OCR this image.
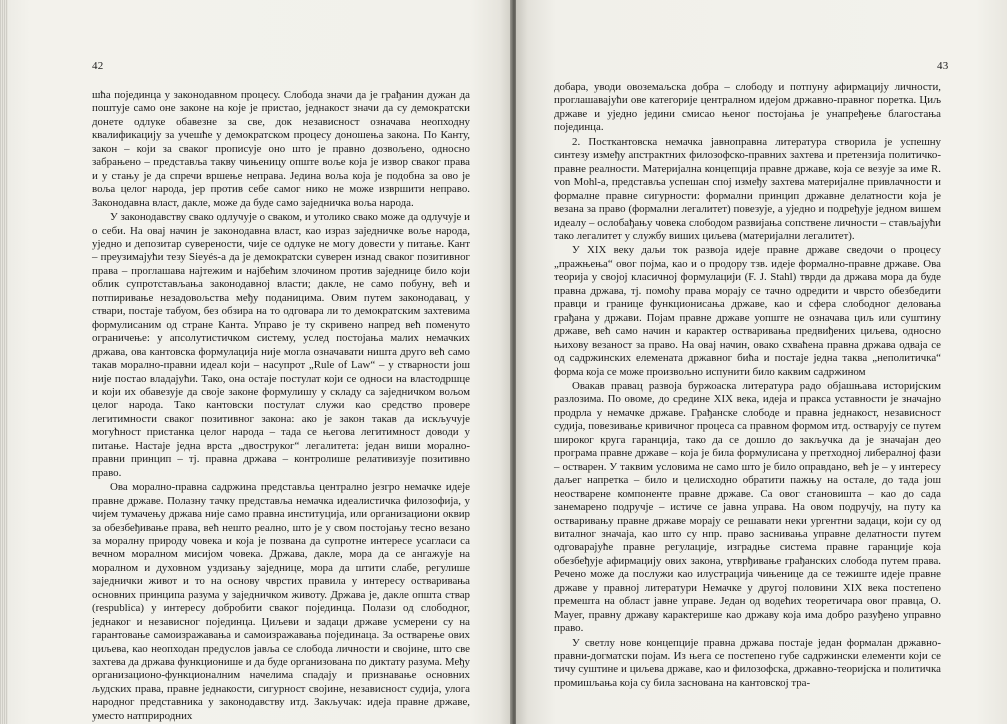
42

шћа појединца у законодавном процесу. Слобода значи да је грађанин дужан да поштује само оне законе на које је пристао, једнакост значи да су демократски донете одлуке обавезне за све, док независност означава неопходну квалификацију за учешће у демократском процесу доношења закона. По Канту, закон – који за сваког прописује оно што је правно дозвољено, односно забрањено – представља такву чињеницу опште воље која је извор сваког права и у стању је да спречи вршење неправа. Једина воља која је подобна за ово је воља целог народа, јер против себе самог нико не може извршити неправо. Законодавна власт, дакле, може да буде само заједничка воља народа.

У законодавству свако одлучује о сваком, и утолико свако може да одлучује и о себи. На овај начин је законодавна власт, као израз заједничке воље народа, уједно и депозитар суверености, чије се одлуке не могу довести у питање. Кант – преузимајући тезу Sieyés-а да је демократски суверен изнад сваког позитивног права – проглашава најтежим и најбећим злочином против заједнице било који облик супротстављања законодавној власти; дакле, не само побуну, већ и потпиривање незадовољства међу поданицима. Овим путем законодавац, у ствари, постаје табуом, без обзира на то одговара ли то демократским захтевима формулисаним од стране Канта. Управо је ту скривено напред већ поменуто ограничење: у апсолутистичком систему, услед постојања малих немачких држава, ова кантовска формулација није могла означавати ништа друго већ само такав морално-правни идеал који – насупрот „Rule of Law“ – у стварности још није постао владајући. Тако, она остаје постулат који се односи на властодршце и који их обавезује да своје законе формулишу у складу са заједничком вољом целог народа. Тако кантовски постулат служи као средство провере легитимности сваког позитивног закона: ако је закон такав да искључује могућност пристанка целог народа – тада се његова легитимност доводи у питање. Настаје једна врста „двоструког“ легалитета: један виши морално-правни принцип – тј. правна држава – контролише релативизује позитивно право.

Ова морално-правна садржина представља централно језгро немачке идеје правне државе. Полазну тачку представља немачка идеалистичка филозофија, у чијем тумачењу држава није само правна институција, или организациони оквир за обезбеђивање права, већ нешто реално, што је у свом постојању тесно везано за моралну природу човека и која је позвана да супротне интересе усагласи са вечном моралном мисијом човека. Држава, дакле, мора да се ангажује на моралном и духовном уздизању заједнице, мора да штити слабе, регулише заједнички живот и то на основу чврстих правила у интересу остваривања основних принципа разума у заједничком животу. Држава је, дакле општа ствар (respublica) у интересу добробити сваког појединца. Полази од слободног, једнаког и независног појединца. Циљеви и задаци државе усмерени су на гарантовање самоизражавања и самоизражавања појединаца. За остварење ових циљева, као неопходан предуслов јавља се слобода личности и својине, што све захтева да држава функционише и да буде организована по диктату разума. Међу организационо-функционалним начелима спадају и признавање основних људских права, правне једнакости, сигурност својине, независност судија, улога народног представника у законодавству итд. Закључак: идеја правне државе, уместо натприродних

43

добара, уводи овоземаљска добра – слободу и потпуну афирмацију личности, проглашавајући ове категорије централном идејом државно-правног поретка. Циљ државе и уједно једини смисао њеног постојања је унапређење благостања појединца.

2. Посткантовска немачка јавноправна литература створила је успешну синтезу између апстрактних филозофско-правних захтева и претензија политичко-правне реалности. Материјална концепција правне државе, која се везује за име R. von Mohl-а, представља успешан спој између захтева материјалне привлачности и формалне правне сигурности: формални принцип државне делатности која је везана за право (формални легалитет) повезује, а уједно и подређује једном вишем идеалу – ослобађању човека слободом развијања сопствене личности – стављајући тако легалитет у службу виших циљева (материјални легалитет).

У XIX веку даљи ток развоја идеје правне државе сведочи о процесу „пражњења“ овог појма, као и о продору тзв. идеје формално-правне државе. Ова теорија у својој класичној формулацији (F. J. Stahl) тврди да држава мора да буде правна држава, тј. помоћу права морају се тачно одредити и чврсто обезбедити правци и границе функционисања државе, као и сфера слободног деловања грађана у држави. Појам правне државе уопште не означава циљ или суштину државе, већ само начин и карактер остваривања предвиђених циљева, односно њихову везаност за право. На овај начин, овако схваћена правна држава одваја се од садржинских елемената државног бића и постаје једна таква „неполитичка“ форма која се може произвољно испунити било каквим садржином

Овакав правац развоја буржоаска литература радо објашњава историјским разлозима. По овоме, до средине XIX века, идеја и пракса уставности је значајно продрла у немачке државе. Грађанске слободе и правна једнакост, независност судија, повезивање кривичног процеса са правном формом итд. остварују се путем широког круга гаранција, тако да се дошло до закључка да је значајан део програма правне државе – која је била формулисана у претходној либералној фази – остварен. У таквим условима не само што је било оправдано, већ је – у интересу даљег напретка – било и целисходно обратити пажњу на остале, до тада још неостварене компоненте правне државе. Са овог становишта – као до сада занемарено подручје – истиче се јавна управа. На овом подручју, на путу ка остваривању правне државе морају се решавати неки ургентни задаци, који су од виталног значаја, као што су нпр. право заснивања управне делатности путем одговарајуће правне регулације, изградње система правне гаранције која обезбеђује афирмацију ових закона, утврђивање грађанских слобода путем права. Речено може да послужи као илустрација чињенице да се тежиште идеје правне државе у правној литератури Немачке у другој половини XIX века постепено премешта на област јавне управе. Један од водећих теоретичара овог правца, O. Mayer, правну државу карактерише као државу која има добро разуђено управно право.

У светлу нове концепције правна држава постаје један формалан државно-правни-догматски појам. Из њега се постепено губе садржински елементи који се тичу суштине и циљева државе, као и филозофска, државно-теоријска и политичка промишљања која су била заснована на кантовској тра-
